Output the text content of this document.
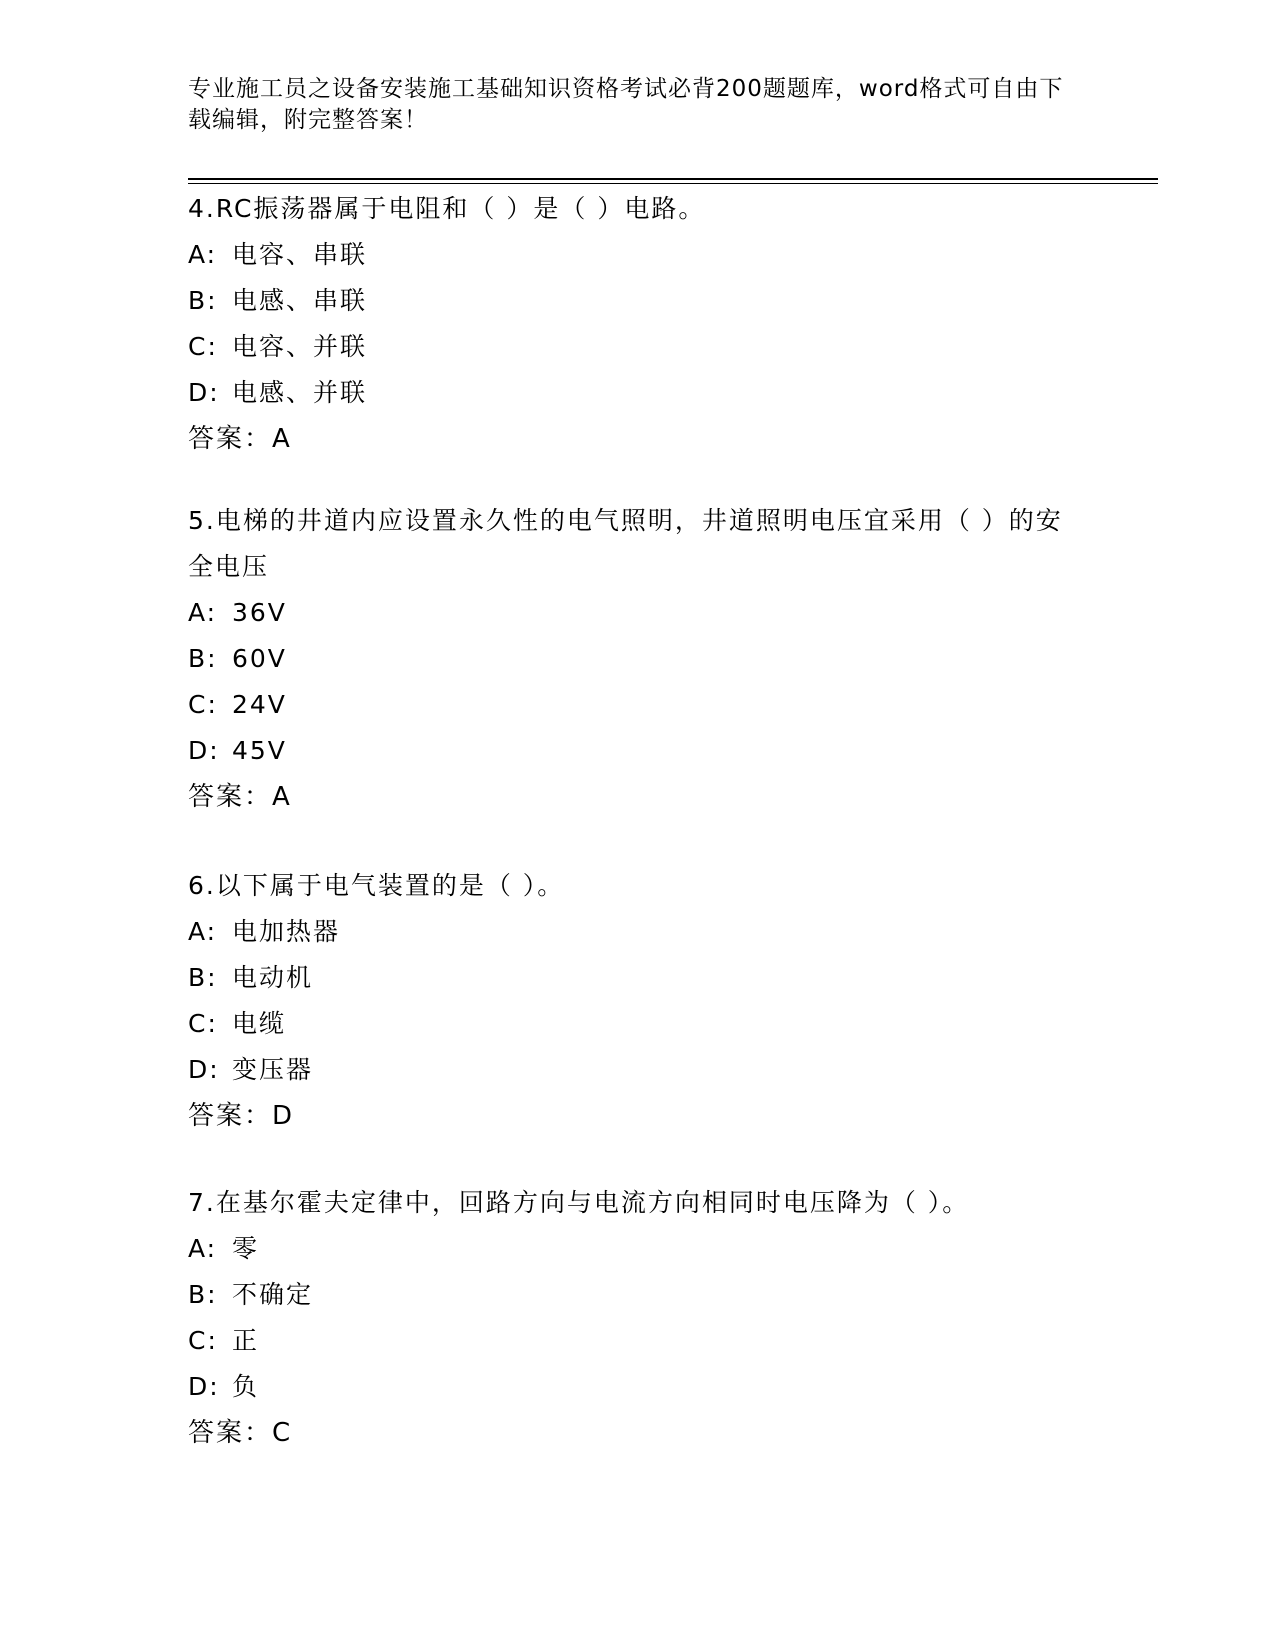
专业施工员之设备安装施工基础知识资格考试必背200题题库，word格式可自由下载编辑，附完整答案！

4.RC振荡器属于电阻和（ ）是（ ）电路。

A: 电容、串联

B: 电感、串联

C: 电容、并联

D: 电感、并联

答案：A

5.电梯的井道内应设置永久性的电气照明，井道照明电压宜采用（ ）的安全电压

A: 36V

B: 60V

C: 24V

D: 45V

答案：A

6.以下属于电气装置的是（ ）。

A: 电加热器

B: 电动机

C: 电缆

D: 变压器

答案：D

7.在基尔霍夫定律中，回路方向与电流方向相同时电压降为（ ）。

A: 零

B: 不确定

C: 正

D: 负

答案：C
